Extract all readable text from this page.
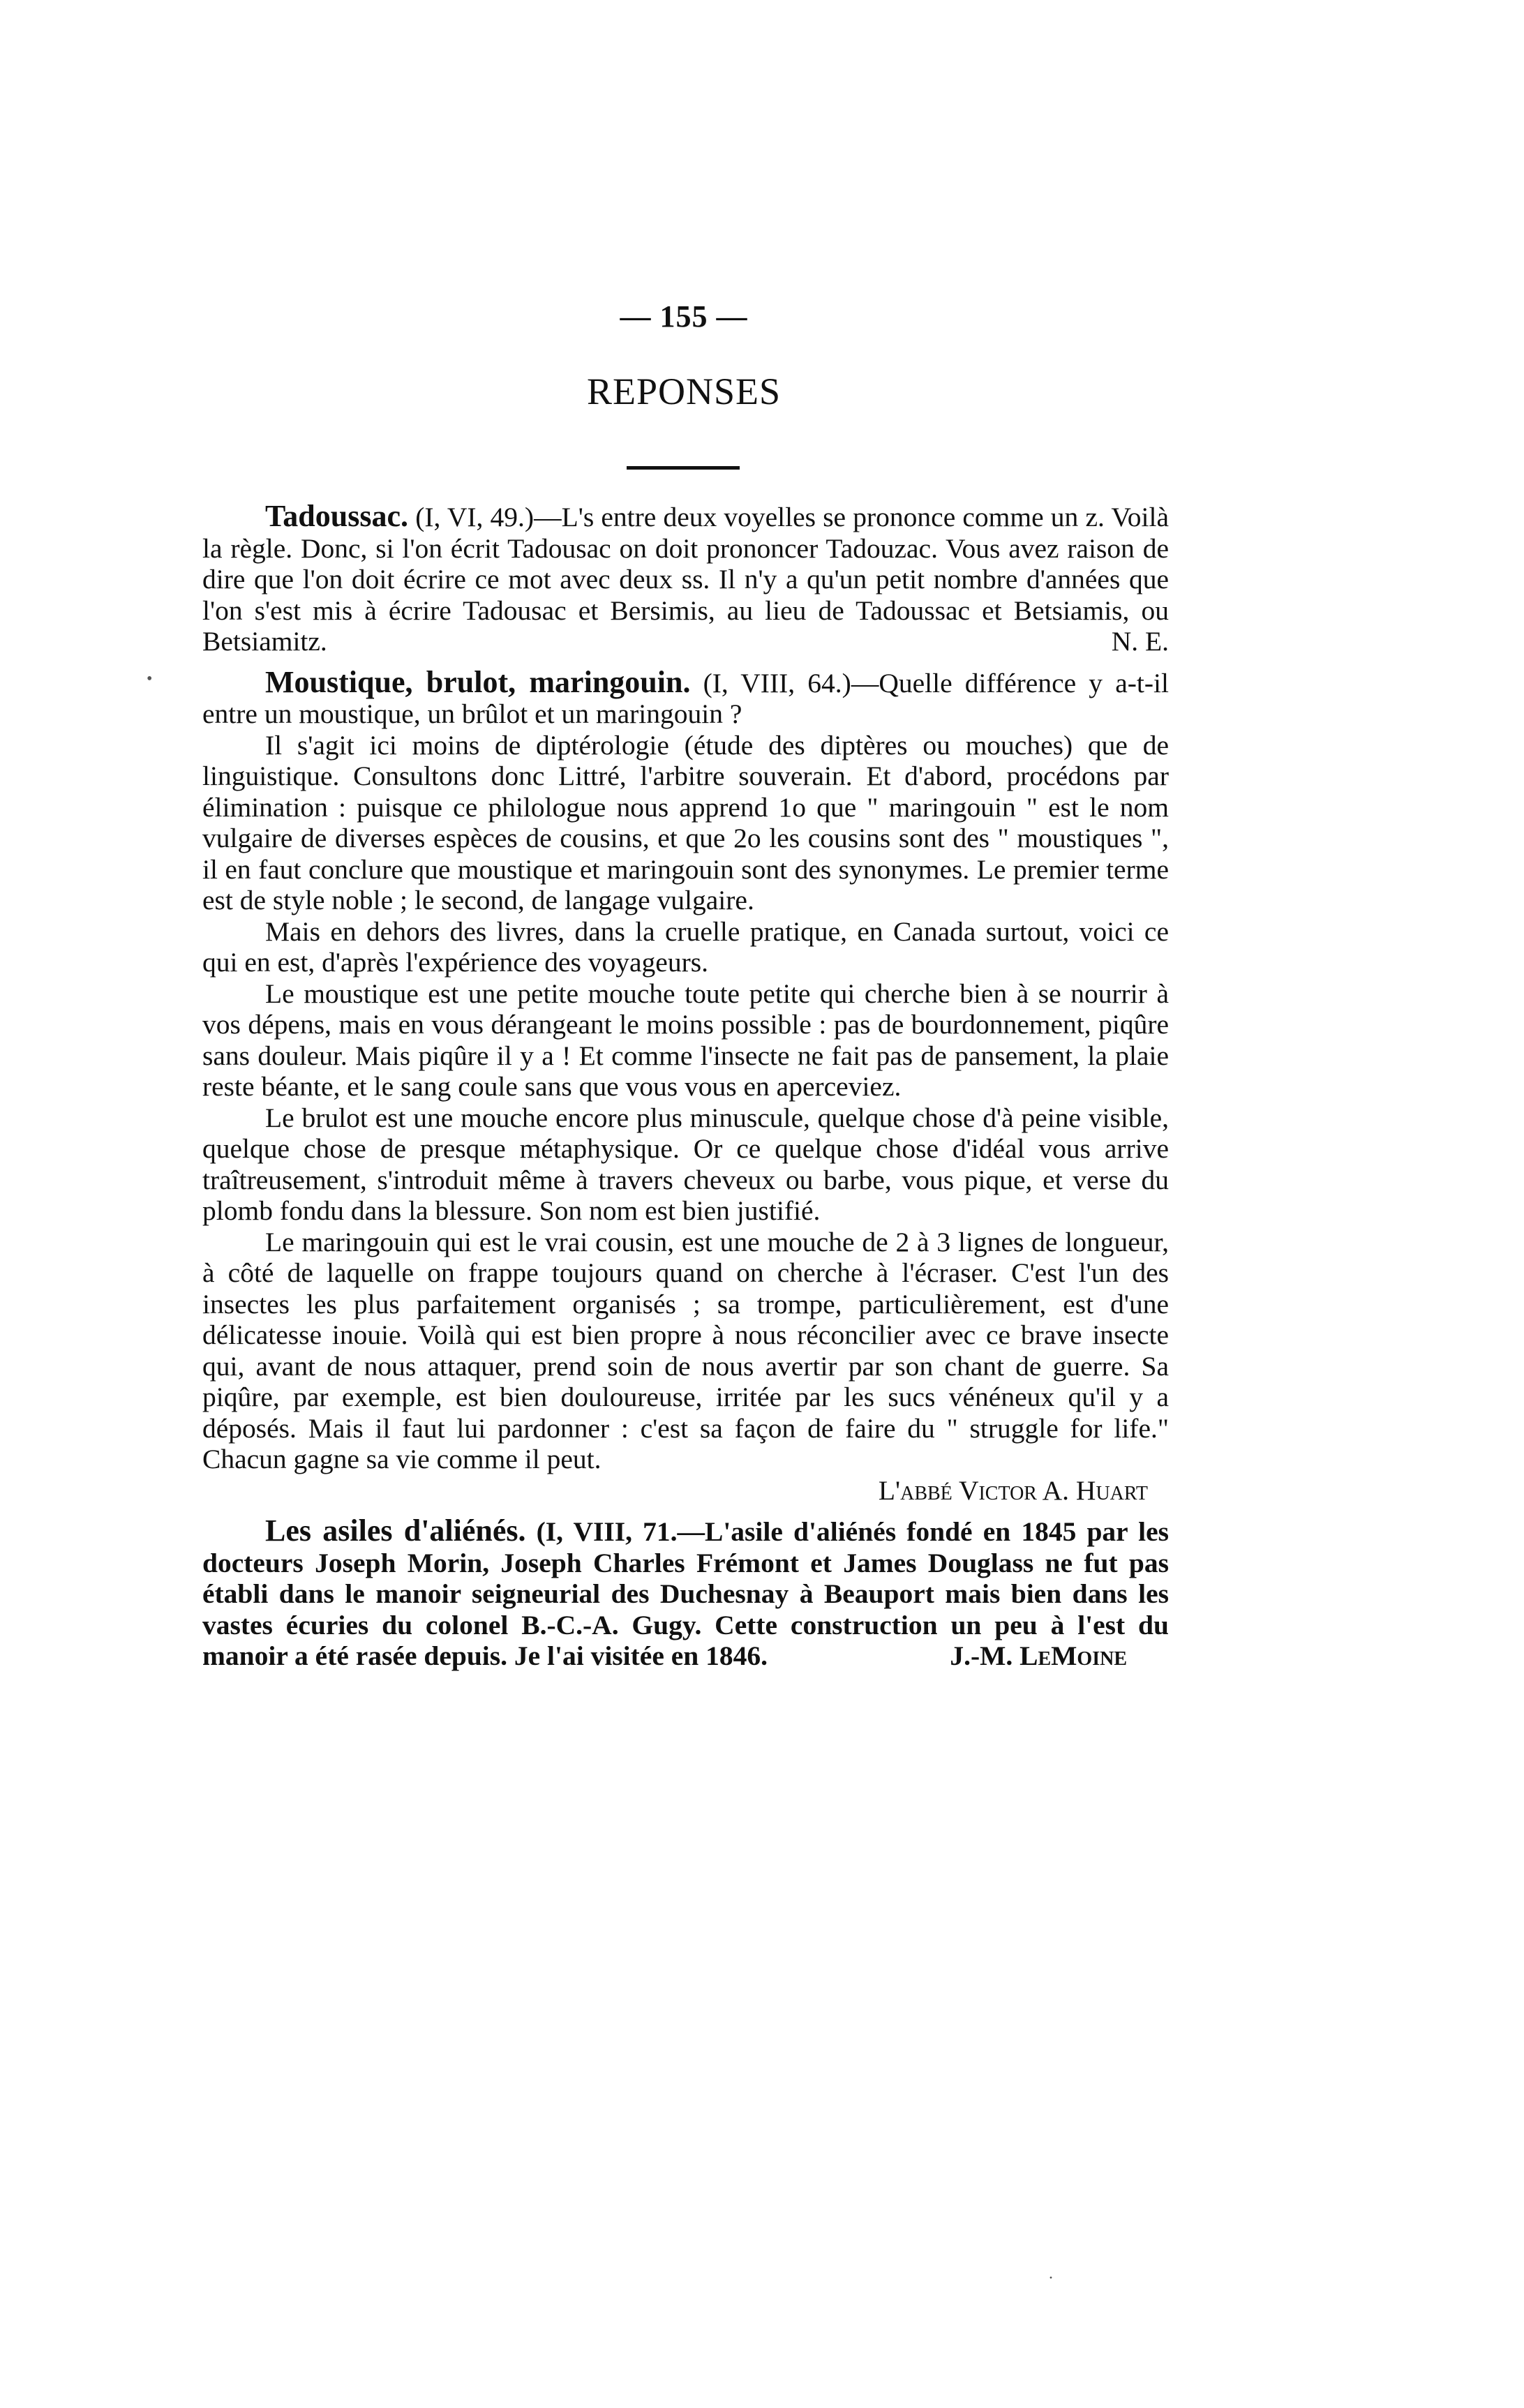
— 155 —
REPONSES

Tadoussac. (I, VI, 49.)—L's entre deux voyelles se prononce comme un z. Voilà la règle. Donc, si l'on écrit Tadousac on doit prononcer Tadouzac. Vous avez raison de dire que l'on doit écrire ce mot avec deux ss. Il n'y a qu'un petit nombre d'années que l'on s'est mis à écrire Tadousac et Bersimis, au lieu de Tadoussac et Betsiamis, ou Betsiamitz.	N. E.

Moustique, brulot, maringouin. (I, VIII, 64.)—Quelle différence y a-t-il entre un moustique, un brûlot et un maringouin ?

Il s'agit ici moins de diptérologie (étude des diptères ou mouches) que de linguistique. Consultons donc Littré, l'arbitre souverain. Et d'abord, procédons par élimination : puisque ce philologue nous apprend 1o que " maringouin " est le nom vulgaire de diverses espèces de cousins, et que 2o les cousins sont des " moustiques ", il en faut conclure que moustique et maringouin sont des synonymes. Le premier terme est de style noble ; le second, de langage vulgaire.

Mais en dehors des livres, dans la cruelle pratique, en Canada surtout, voici ce qui en est, d'après l'expérience des voyageurs.

Le moustique est une petite mouche toute petite qui cherche bien à se nourrir à vos dépens, mais en vous dérangeant le moins possible : pas de bourdonnement, piqûre sans douleur. Mais piqûre il y a ! Et comme l'insecte ne fait pas de pansement, la plaie reste béante, et le sang coule sans que vous vous en aperceviez.

Le brulot est une mouche encore plus minuscule, quelque chose d'à peine visible, quelque chose de presque métaphysique. Or ce quelque chose d'idéal vous arrive traîtreusement, s'introduit même à travers cheveux ou barbe, vous pique, et verse du plomb fondu dans la blessure. Son nom est bien justifié.

Le maringouin qui est le vrai cousin, est une mouche de 2 à 3 lignes de longueur, à côté de laquelle on frappe toujours quand on cherche à l'écraser. C'est l'un des insectes les plus parfaitement organisés ; sa trompe, particulièrement, est d'une délicatesse inouie. Voilà qui est bien propre à nous réconcilier avec ce brave insecte qui, avant de nous attaquer, prend soin de nous avertir par son chant de guerre. Sa piqûre, par exemple, est bien douloureuse, irritée par les sucs vénéneux qu'il y a déposés. Mais il faut lui pardonner : c'est sa façon de faire du " struggle for life." Chacun gagne sa vie comme il peut.

L'abbé Victor A. Huart

Les asiles d'aliénés. (I, VIII, 71.—L'asile d'aliénés fondé en 1845 par les docteurs Joseph Morin, Joseph Charles Frémont et James Douglass ne fut pas établi dans le manoir seigneurial des Duchesnay à Beauport mais bien dans les vastes écuries du colonel B.-C.-A. Gugy. Cette construction un peu à l'est du manoir a été rasée depuis. Je l'ai visitée en 1846.	J.-M. LeMoine

•
·
